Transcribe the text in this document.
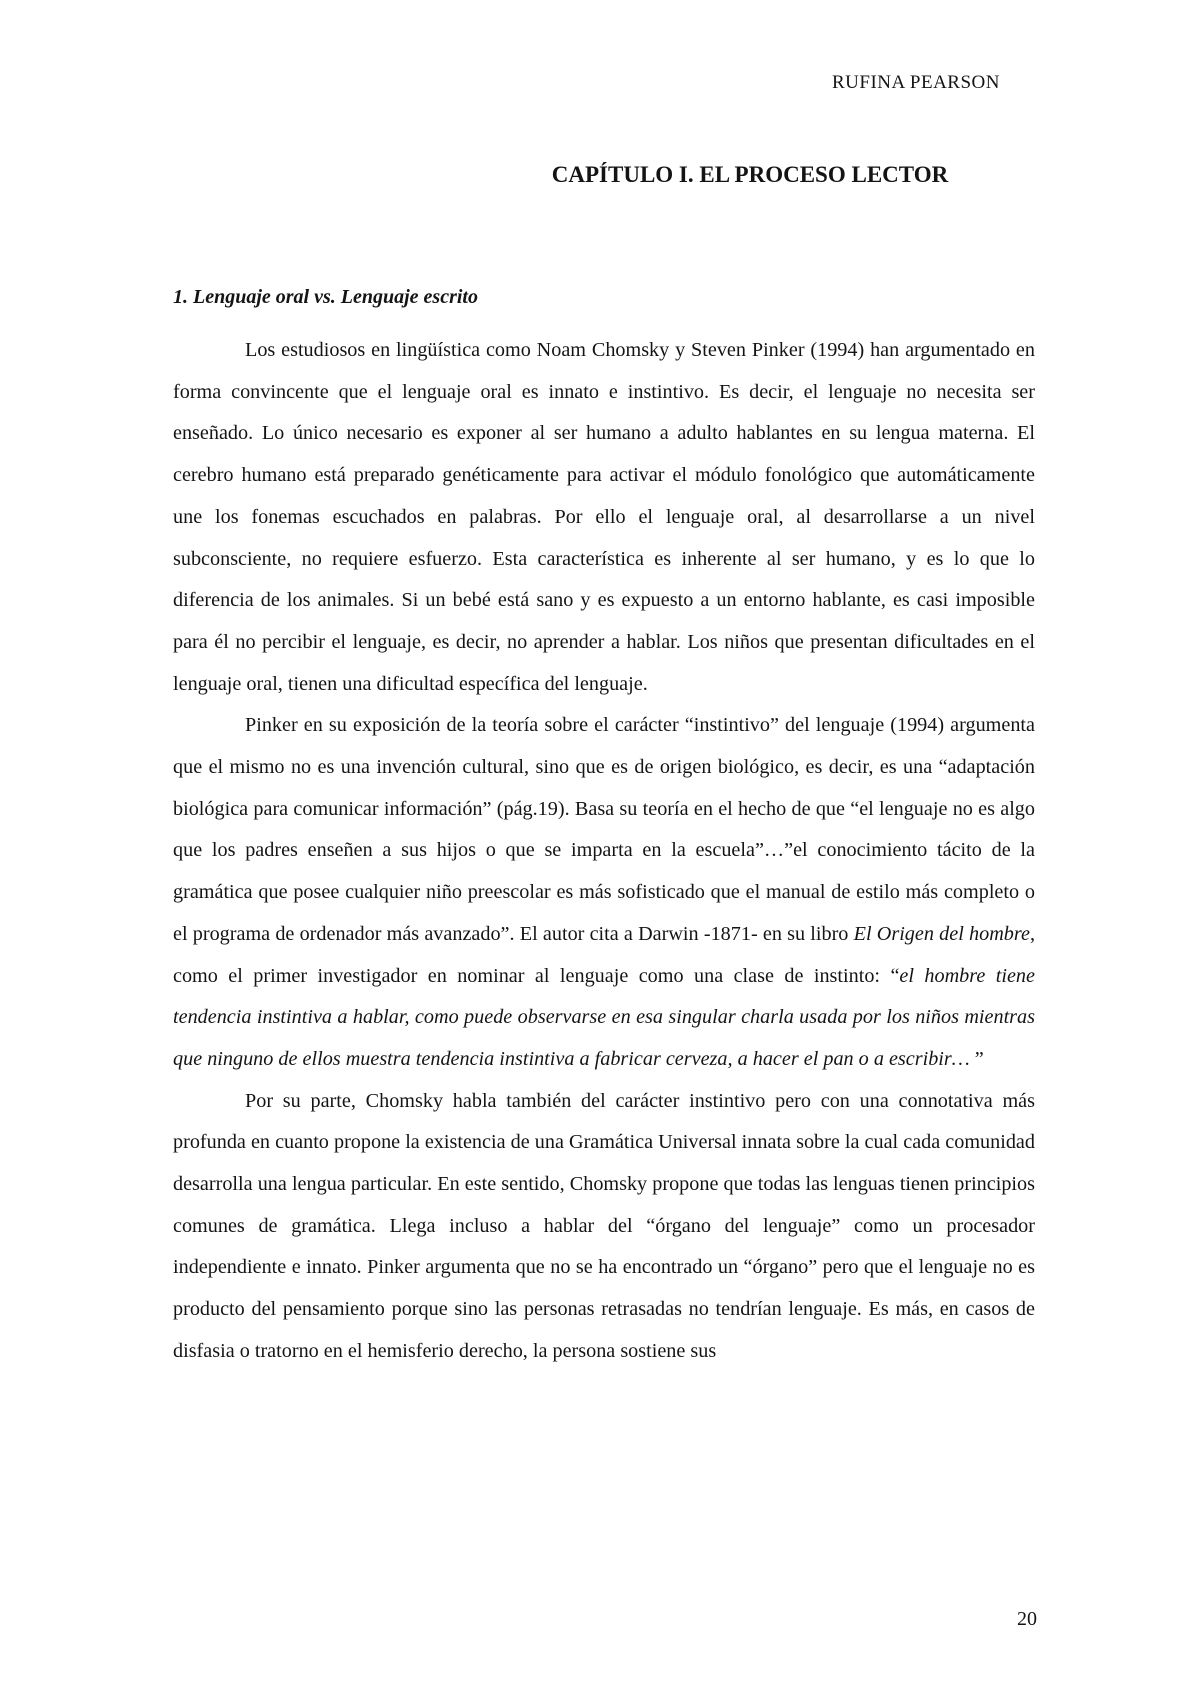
RUFINA PEARSON
CAPÍTULO I. EL PROCESO LECTOR
1. Lenguaje oral vs. Lenguaje escrito

Los estudiosos en lingüística como Noam Chomsky y Steven Pinker (1994) han argumentado en forma convincente que el lenguaje oral es innato e instintivo. Es decir, el lenguaje no necesita ser enseñado. Lo único necesario es exponer al ser humano a adulto hablantes en su lengua materna. El cerebro humano está preparado genéticamente para activar el módulo fonológico que automáticamente une los fonemas escuchados en palabras. Por ello el lenguaje oral, al desarrollarse a un nivel subconsciente, no requiere esfuerzo. Esta característica es inherente al ser humano, y es lo que lo diferencia de los animales. Si un bebé está sano y es expuesto a un entorno hablante, es casi imposible para él no percibir el lenguaje, es decir, no aprender a hablar. Los niños que presentan dificultades en el lenguaje oral, tienen una dificultad específica del lenguaje.

Pinker en su exposición de la teoría sobre el carácter “instintivo” del lenguaje (1994) argumenta que el mismo no es una invención cultural, sino que es de origen biológico, es decir, es una “adaptación biológica para comunicar información” (pág.19). Basa su teoría en el hecho de que “el lenguaje no es algo que los padres enseñen a sus hijos o que se imparta en la escuela”…”el conocimiento tácito de la gramática que posee cualquier niño preescolar es más sofisticado que el manual de estilo más completo o el programa de ordenador más avanzado”. El autor cita a Darwin -1871- en su libro El Origen del hombre, como el primer investigador en nominar al lenguaje como una clase de instinto: “el hombre tiene tendencia instintiva a hablar, como puede observarse en esa singular charla usada por los niños mientras que ninguno de ellos muestra tendencia instintiva a fabricar cerveza, a hacer el pan o a escribir… ”

Por su parte, Chomsky habla también del carácter instintivo pero con una connotativa más profunda en cuanto propone la existencia de una Gramática Universal innata sobre la cual cada comunidad desarrolla una lengua particular. En este sentido, Chomsky propone que todas las lenguas tienen principios comunes de gramática. Llega incluso a hablar del “órgano del lenguaje” como un procesador independiente e innato. Pinker argumenta que no se ha encontrado un “órgano” pero que el lenguaje no es producto del pensamiento porque sino las personas retrasadas no tendrían lenguaje. Es más, en casos de disfasia o tratorno en el hemisferio derecho, la persona sostiene sus

20
